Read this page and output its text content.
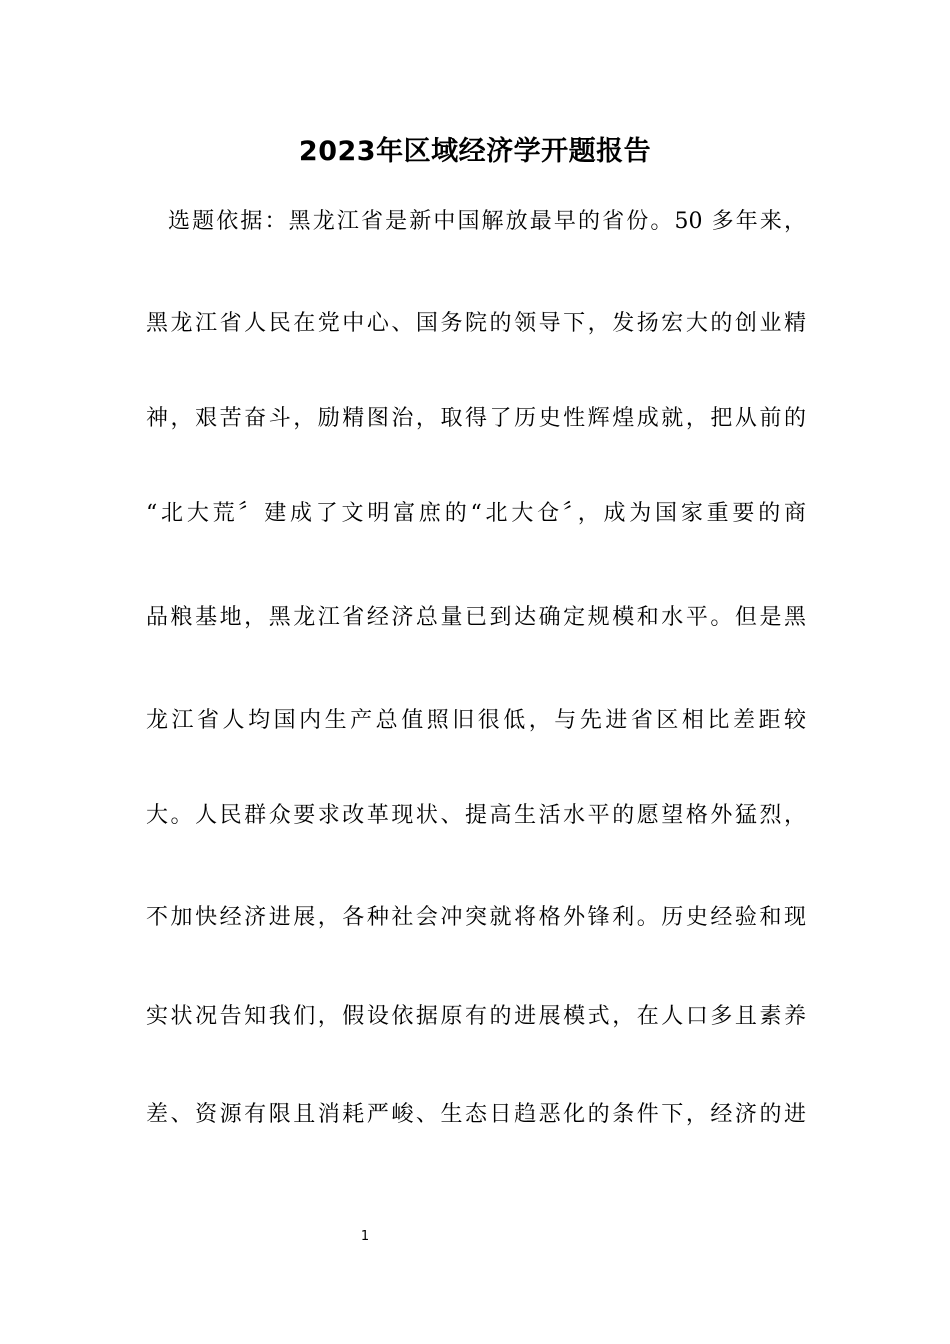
2023年区域经济学开题报告
选题依据：黑龙江省是新中国解放最早的省份。50 多年来，
黑龙江省人民在党中心、国务院的领导下，发扬宏大的创业精
神，艰苦奋斗，励精图治，取得了历史性辉煌成就，把从前的
“北大荒〞建成了文明富庶的“北大仓〞，成为国家重要的商
品粮基地，黑龙江省经济总量已到达确定规模和水平。但是黑
龙江省人均国内生产总值照旧很低，与先进省区相比差距较
大。人民群众要求改革现状、提高生活水平的愿望格外猛烈，
不加快经济进展，各种社会冲突就将格外锋利。历史经验和现
实状况告知我们，假设依据原有的进展模式，在人口多且素养
差、资源有限且消耗严峻、生态日趋恶化的条件下，经济的进
1
